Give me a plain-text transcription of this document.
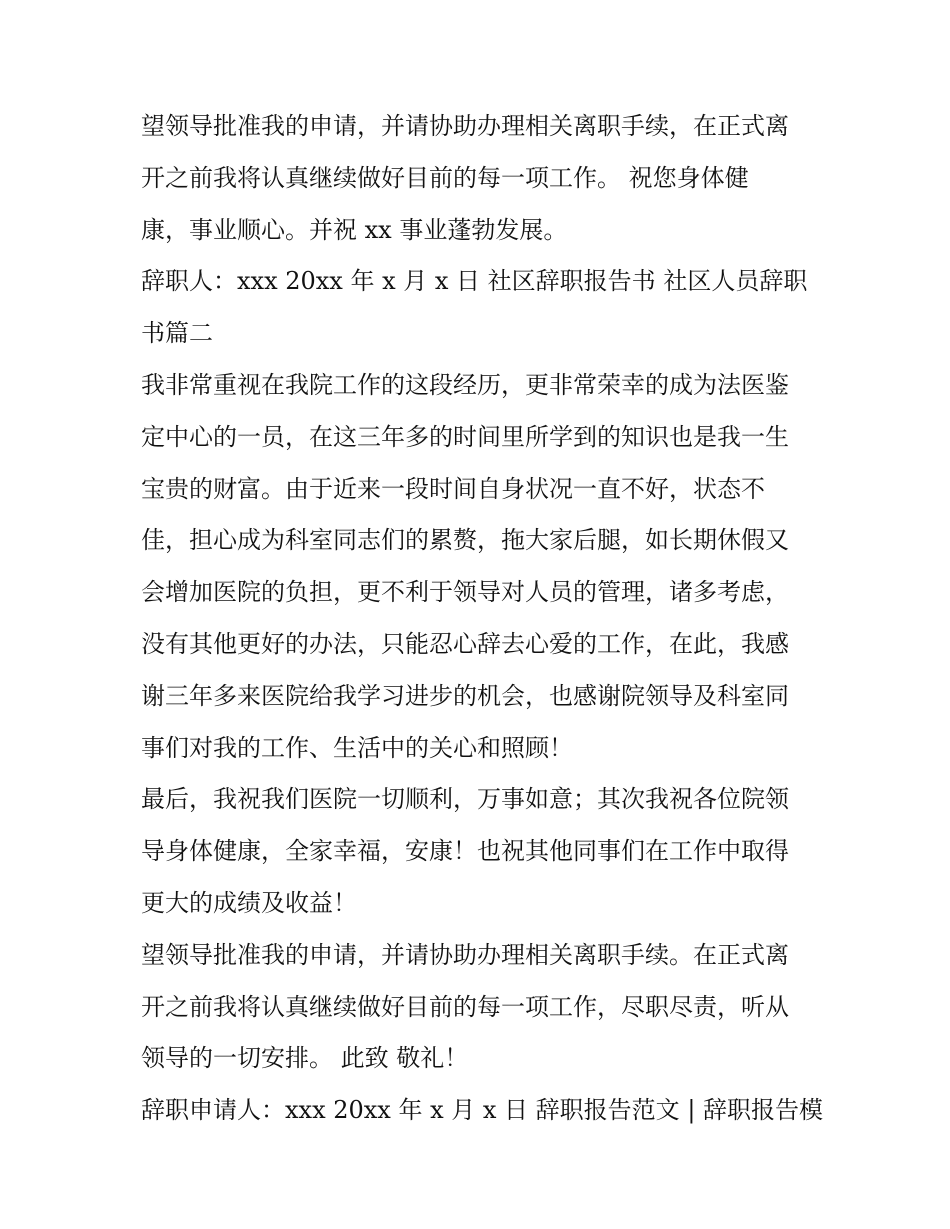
望领导批准我的申请，并请协助办理相关离职手续，在正式离
开之前我将认真继续做好目前的每一项工作。 祝您身体健
康，事业顺心。并祝 xx 事业蓬勃发展。
辞职人：xxx 20xx 年 x 月 x 日 社区辞职报告书 社区人员辞职
书篇二
我非常重视在我院工作的这段经历，更非常荣幸的成为法医鉴
定中心的一员，在这三年多的时间里所学到的知识也是我一生
宝贵的财富。由于近来一段时间自身状况一直不好，状态不
佳，担心成为科室同志们的累赘，拖大家后腿，如长期休假又
会增加医院的负担，更不利于领导对人员的管理，诸多考虑，
没有其他更好的办法，只能忍心辞去心爱的工作，在此，我感
谢三年多来医院给我学习进步的机会，也感谢院领导及科室同
事们对我的工作、生活中的关心和照顾！
最后，我祝我们医院一切顺利，万事如意；其次我祝各位院领
导身体健康，全家幸福，安康！也祝其他同事们在工作中取得
更大的成绩及收益！
望领导批准我的申请，并请协助办理相关离职手续。在正式离
开之前我将认真继续做好目前的每一项工作，尽职尽责，听从
领导的一切安排。 此致 敬礼！
辞职申请人：xxx 20xx 年 x 月 x 日 辞职报告范文 | 辞职报告模
